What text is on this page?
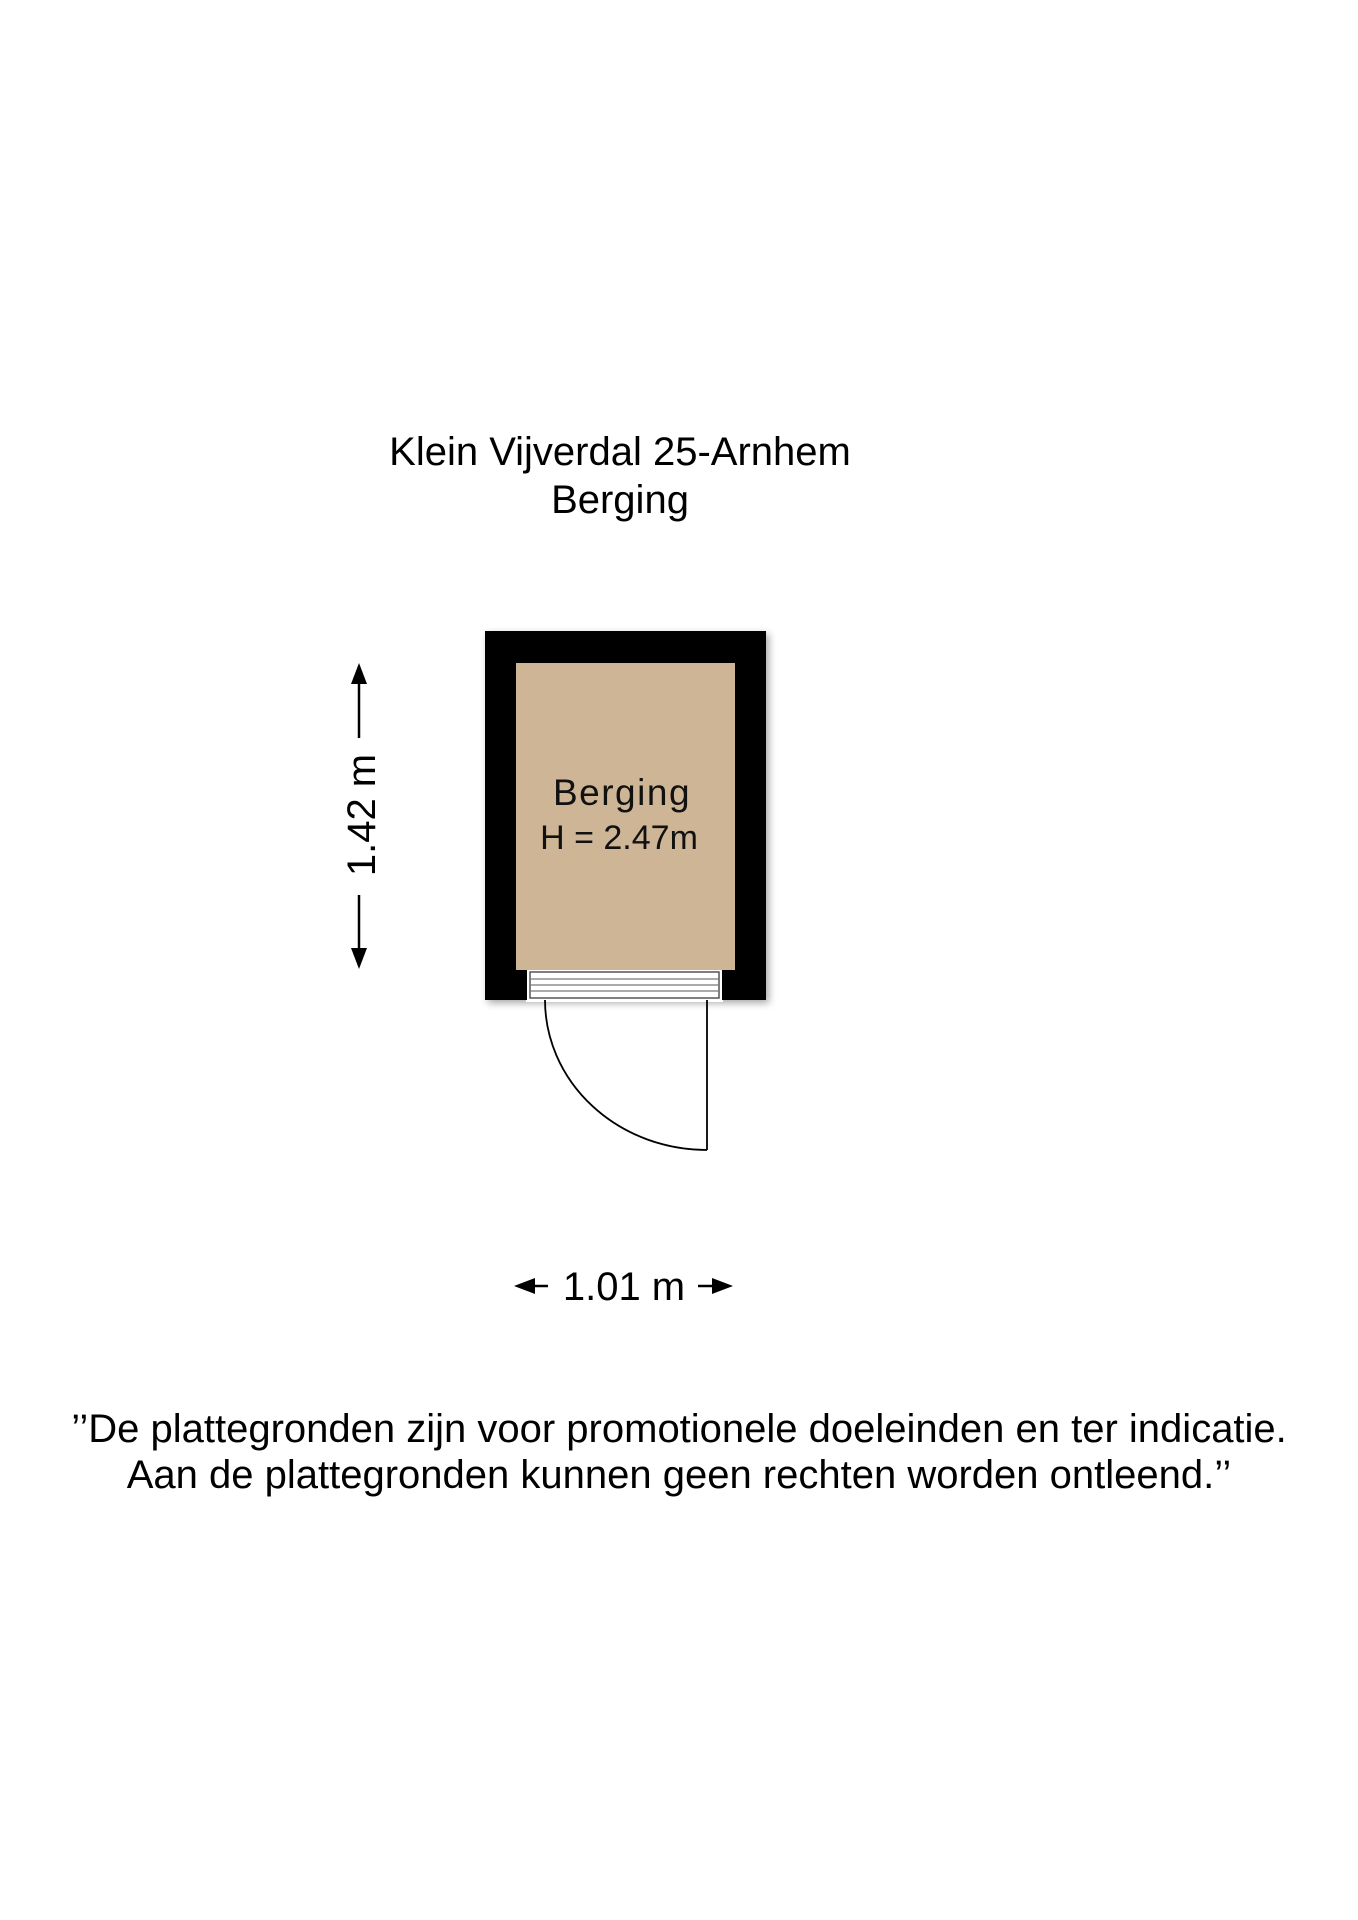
Klein Vijverdal 25-Arnhem
Berging
Berging
H = 2.47m
1.42 m
1.01 m
’’De plattegronden zijn voor promotionele doeleinden en ter indicatie.
Aan de plattegronden kunnen geen rechten worden ontleend.’’
